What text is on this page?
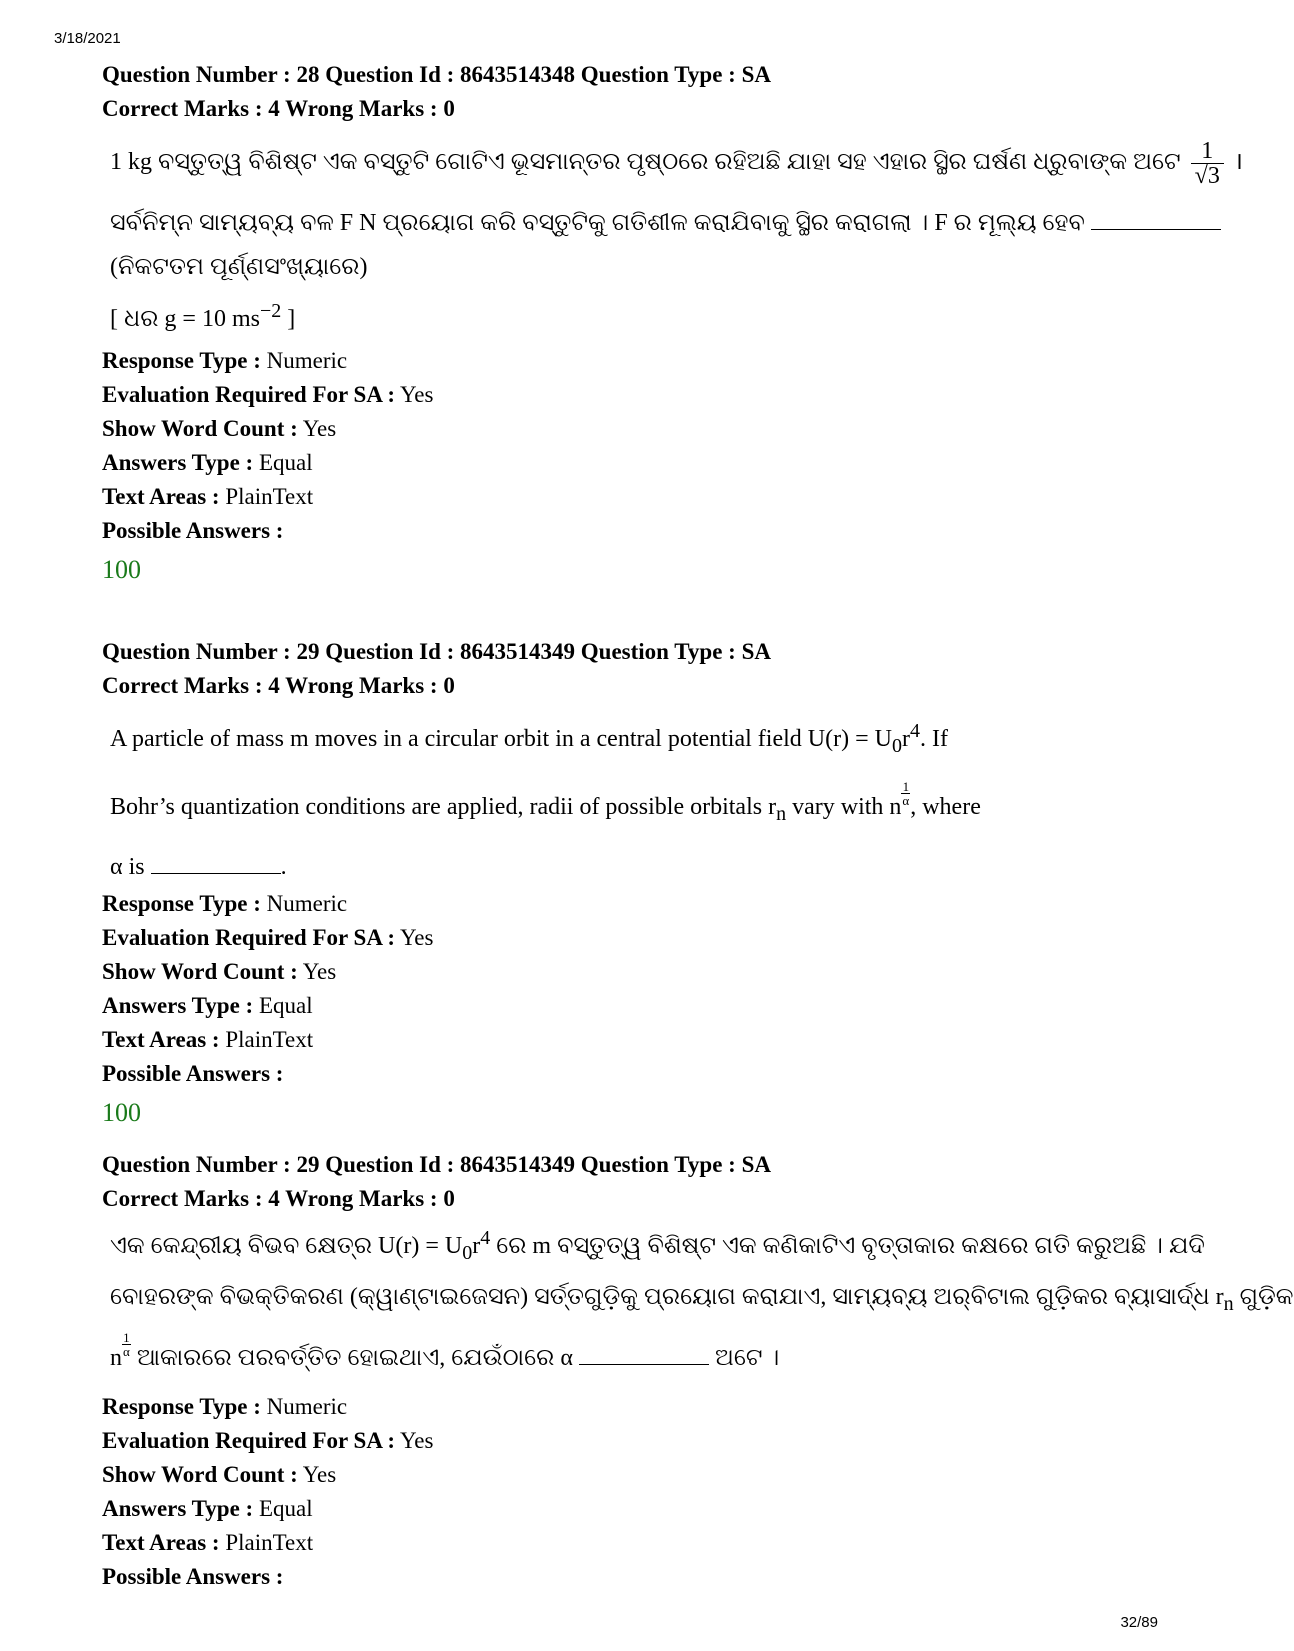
3/18/2021
Question Number : 28 Question Id : 8643514348 Question Type : SA
Correct Marks : 4 Wrong Marks : 0
1 kg ବସ୍ତୁତ୍ୱ ବିଶିଷ୍ଟ ଏକ ବସ୍ତୁଟି ଗୋଟିଏ ଭୂସମାନ୍ତର ପୃଷ୍ଠରେ ରହିଅଛି ଯାହା ସହ ଏହାର ସ୍ଥିର ଘର୍ଷଣ ଧ୍ରୁବାଙ୍କ ଅଟେ $\frac{1}{√3}$ ।
ସର୍ବନିମ୍ନ ସାମ୍ୟବ୍ୟ ବଳ F N ପ୍ରୟୋଗ କରି ବସ୍ତୁଟିକୁ ଗତିଶୀଳ କରାଯିବାକୁ ସ୍ଥିର କରାଗଲା । F ର ମୂଲ୍ୟ ହେବ
(ନିକଟତମ ପୂର୍ଣ୍ଣସଂଖ୍ୟାରେ)
[ ଧର g = 10 $ms^{-2}$ ]
Response Type : Numeric
Evaluation Required For SA : Yes
Show Word Count : Yes
Answers Type : Equal
Text Areas : PlainText
Possible Answers :
100
Question Number : 29 Question Id : 8643514349 Question Type : SA
Correct Marks : 4 Wrong Marks : 0
A particle of mass m moves in a circular orbit in a central potential field $U(r) = U_0r^4$. If
Bohr’s quantization conditions are applied, radii of possible orbitals $r_n$ vary with n $\frac{1}{\alpha}$ , where
α is	.
Response Type : Numeric
Evaluation Required For SA : Yes
Show Word Count : Yes
Answers Type : Equal
Text Areas : PlainText
Possible Answers :
100
Question Number : 29 Question Id : 8643514349 Question Type : SA
Correct Marks : 4 Wrong Marks : 0
ଏକ କେନ୍ଦ୍ରୀୟ ବିଭବ କ୍ଷେତ୍ର $U(r) = U_0r^4$ ରେ m ବସ୍ତୁତ୍ୱ ବିଶିଷ୍ଟ ଏକ କଣିକାଟିଏ ବୃତ୍ତାକାର କକ୍ଷରେ ଗତି କରୁଅଛି । ଯଦି
ବୋହରଙ୍କ ବିଭକ୍ତିକରଣ (କ୍ୱାଣ୍ଟାଇଜେସନ) ସର୍ତ୍ତଗୁଡ଼ିକୁ ପ୍ରୟୋଗ କରାଯାଏ, ସାମ୍ୟବ୍ୟ ଅର୍‌ବିଟାଲ ଗୁଡ଼ିକର ବ୍ୟାସାର୍ଦ୍ଧ $r_n$ ଗୁଡ଼ିକ
n $\frac{1}{\alpha}$ ଆକାରରେ ପରବର୍ତ୍ତିତ ହୋଇଥାଏ, ଯେଉଁଠାରେ α	ଅଟେ ।
Response Type : Numeric
Evaluation Required For SA : Yes
Show Word Count : Yes
Answers Type : Equal
Text Areas : PlainText
Possible Answers :
32/89
